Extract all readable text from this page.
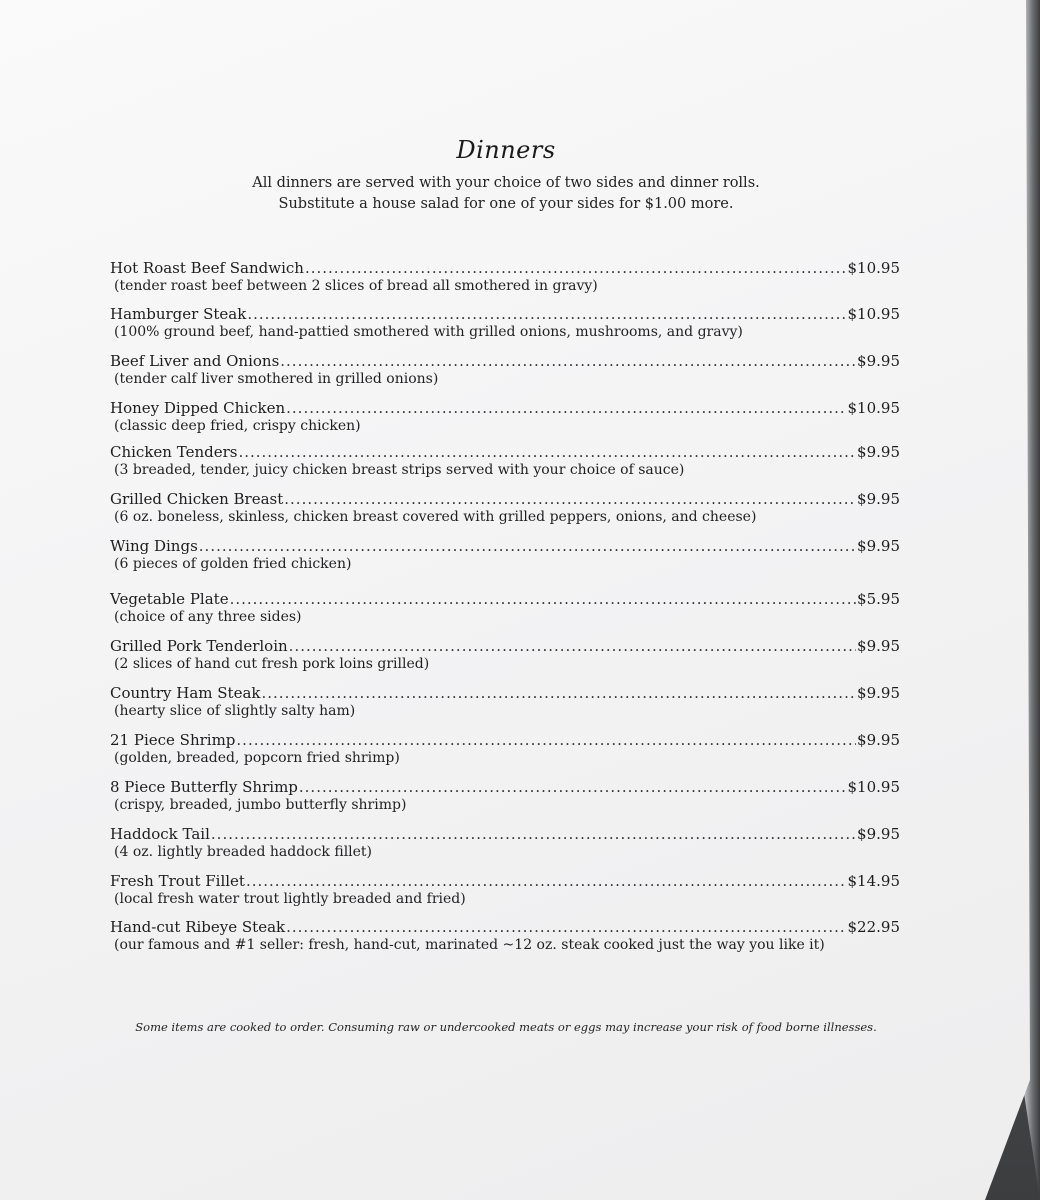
Dinners
All dinners are served with your choice of two sides and dinner rolls.
Substitute a house salad for one of your sides for $1.00 more.
Hot Roast Beef Sandwich .....	$10.95
(tender roast beef between 2 slices of bread all smothered in gravy)
Hamburger Steak .....	$10.95
(100% ground beef, hand-pattied smothered with grilled onions, mushrooms, and gravy)
Beef Liver and Onions .....	$9.95
(tender calf liver smothered in grilled onions)
Honey Dipped Chicken .....	$10.95
(classic deep fried, crispy chicken)
Chicken Tenders .....	$9.95
(3 breaded, tender, juicy chicken breast strips served with your choice of sauce)
Grilled Chicken Breast .....	$9.95
(6 oz. boneless, skinless, chicken breast covered with grilled peppers, onions, and cheese)
Wing Dings .....	$9.95
(6 pieces of golden fried chicken)
Vegetable Plate .....	$5.95
(choice of any three sides)
Grilled Pork Tenderloin .....	$9.95
(2 slices of hand cut fresh pork loins grilled)
Country Ham Steak .....	$9.95
(hearty slice of slightly salty ham)
21 Piece Shrimp .....	$9.95
(golden, breaded, popcorn fried shrimp)
8 Piece Butterfly Shrimp .....	$10.95
(crispy, breaded, jumbo butterfly shrimp)
Haddock Tail .....	$9.95
(4 oz. lightly breaded haddock fillet)
Fresh Trout Fillet .....	$14.95
(local fresh water trout lightly breaded and fried)
Hand-cut Ribeye Steak .....	$22.95
(our famous and #1 seller: fresh, hand-cut, marinated ~12 oz. steak cooked just the way you like it)
Some items are cooked to order. Consuming raw or undercooked meats or eggs may increase your risk of food borne illnesses.
